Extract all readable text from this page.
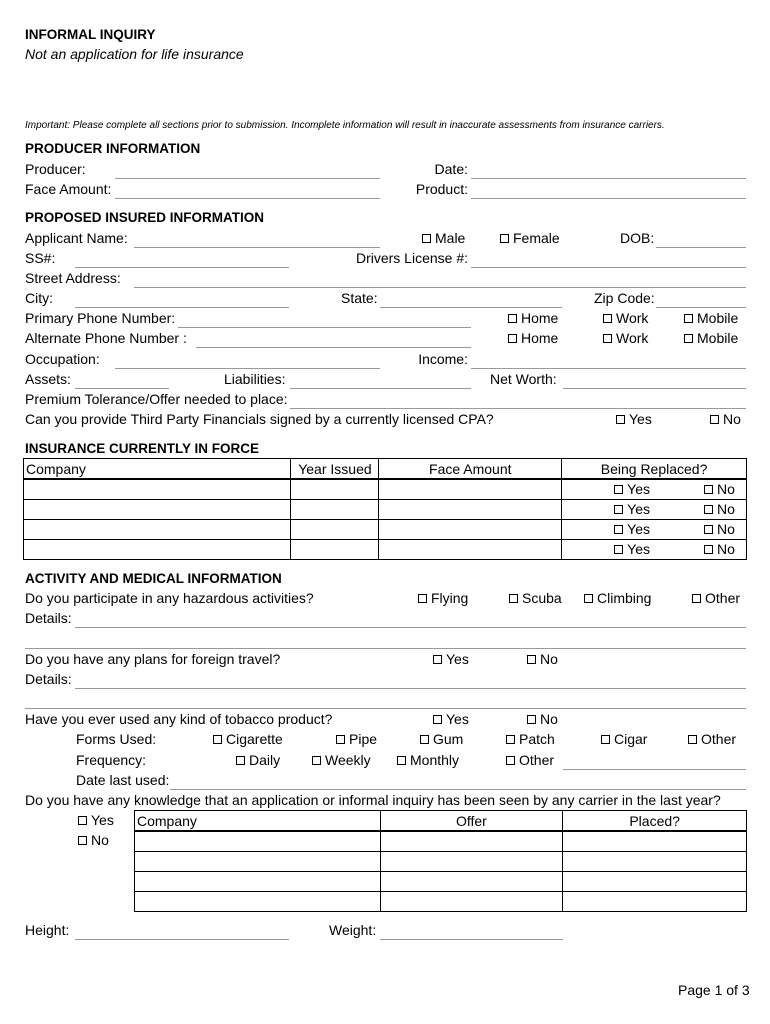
INFORMAL INQUIRY
Not an application for life insurance
Important: Please complete all sections prior to submission. Incomplete information will result in inaccurate assessments from insurance carriers.
PRODUCER INFORMATION
Producer:	Date:
Face Amount:	Product:
PROPOSED INSURED INFORMATION
Applicant Name:	Male	Female	DOB:
SS#:	Drivers License #:
Street Address:
City:	State:	Zip Code:
Primary Phone Number:	Home	Work	Mobile
Alternate Phone Number :	Home	Work	Mobile
Occupation:	Income:
Assets:	Liabilities:	Net Worth:
Premium Tolerance/Offer needed to place:
Can you provide Third Party Financials signed by a currently licensed CPA?	Yes	No
INSURANCE CURRENTLY IN FORCE
Company	Year Issued	Face Amount	Being Replaced?
			Yes No
			Yes No
			Yes No
			Yes No
ACTIVITY AND MEDICAL INFORMATION
Do you participate in any hazardous activities?	Flying	Scuba	Climbing	Other
Details:
Do you have any plans for foreign travel?	Yes	No
Details:
Have you ever used any kind of tobacco product?	Yes	No
Forms Used:	Cigarette	Pipe	Gum	Patch	Cigar	Other
Frequency:	Daily	Weekly	Monthly	Other
Date last used:
Do you have any knowledge that an application or informal inquiry has been seen by any carrier in the last year?
Yes
No
Company	Offer	Placed?

Height:	Weight:
Page 1 of 3
